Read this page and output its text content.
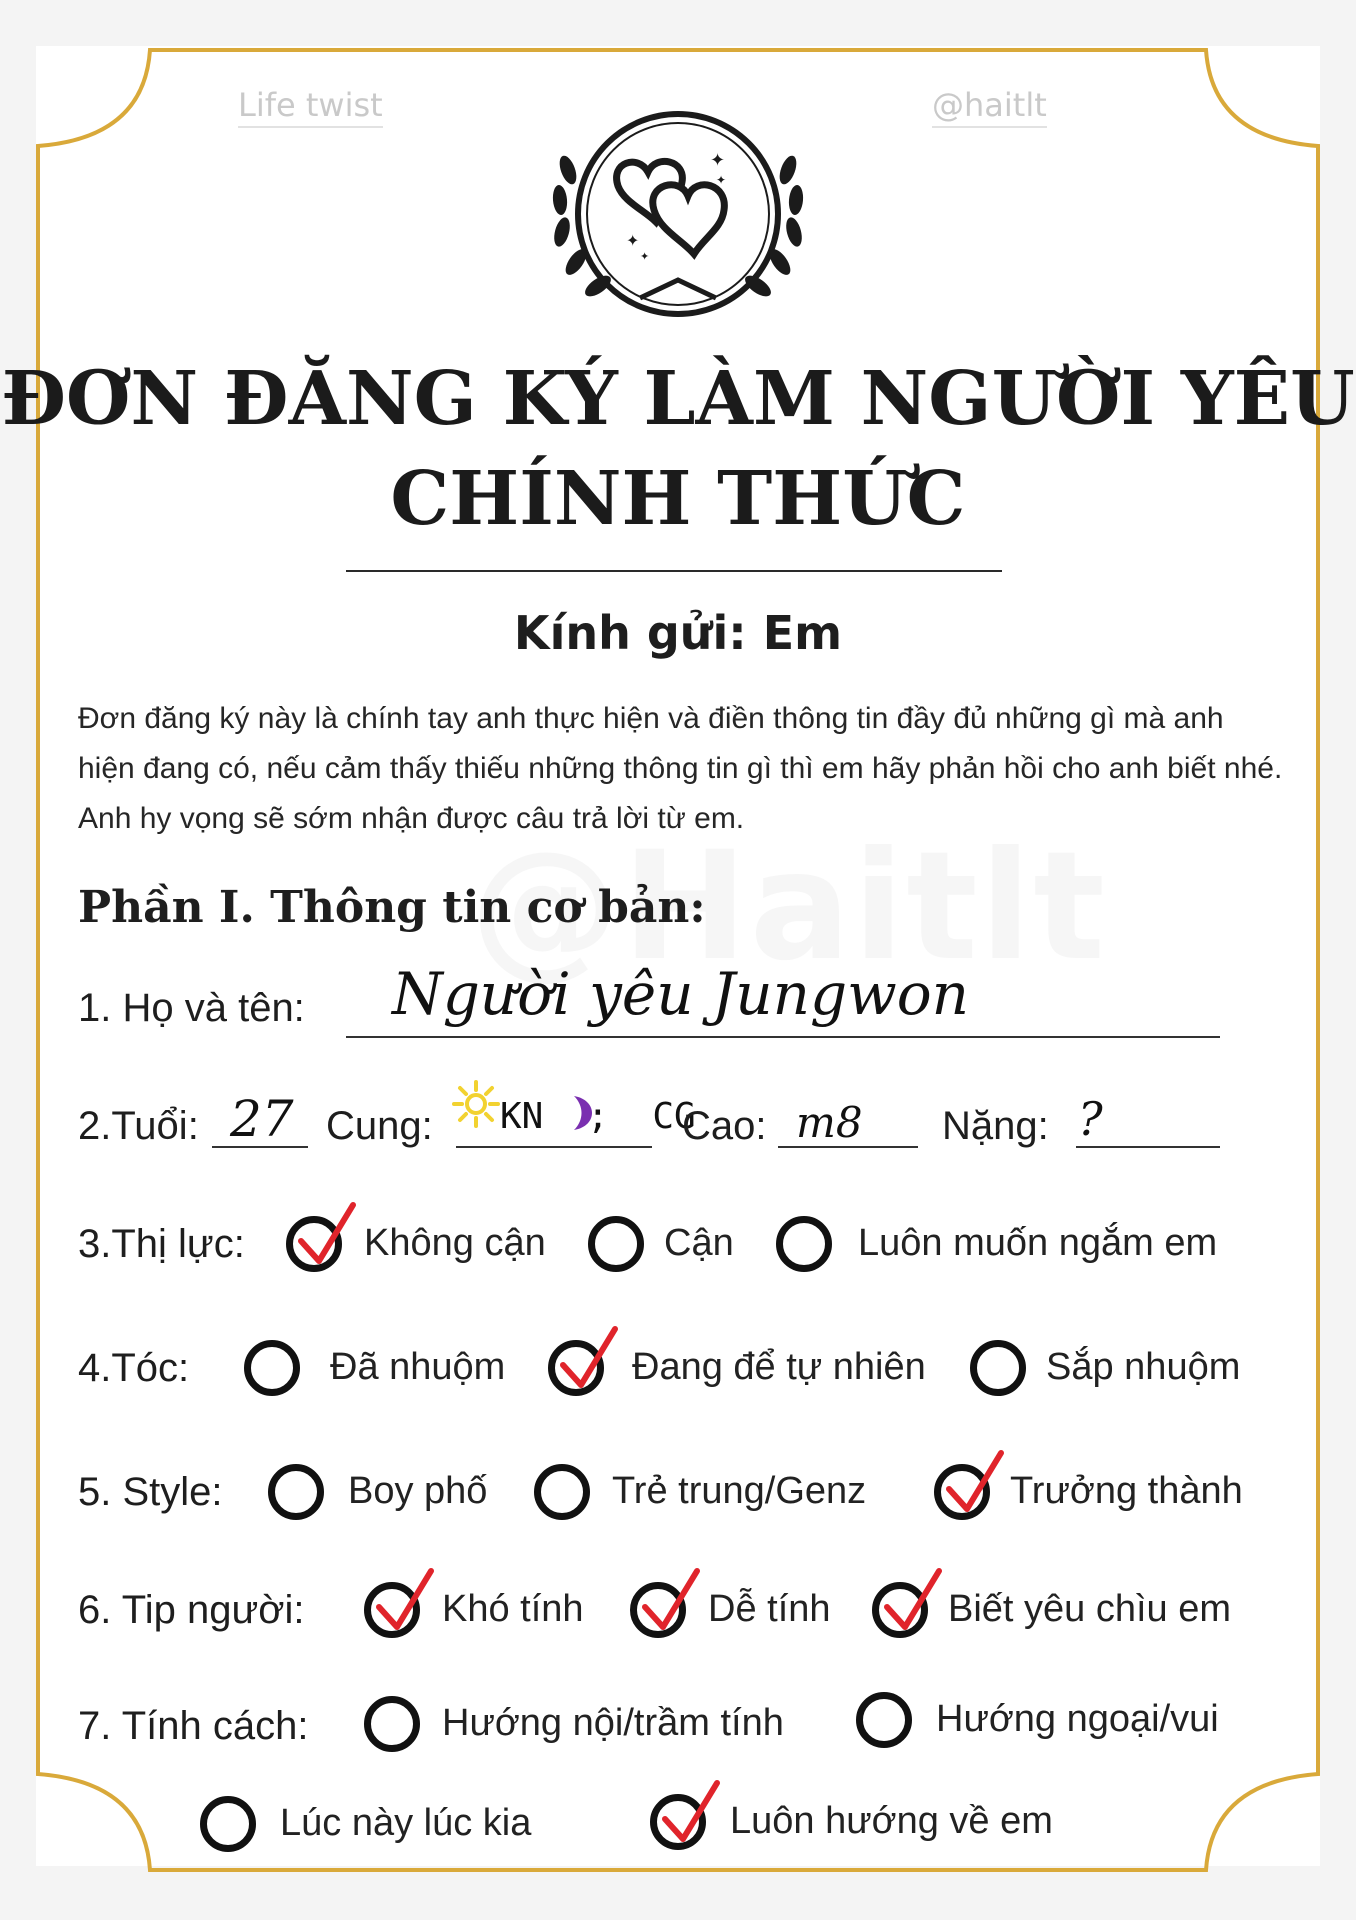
Life twist	@haitlt
✦
✦
✦
✦
ĐƠN ĐĂNG KÝ LÀM NGƯỜI YÊU
CHÍNH THỨC
Kính gửi: Em
Đơn đăng ký này là chính tay anh thực hiện và điền thông tin đầy đủ những gì mà anh hiện đang có, nếu cảm thấy thiếu những thông tin gì thì em hãy phản hồi cho anh biết nhé. Anh hy vọng sẽ sớm nhận được câu trả lời từ em.
Phần I. Thông tin cơ bản:
1. Họ và tên: Người yêu Jungwon
2.Tuổi: 27 Cung: KN ; CG
Cao: m8 Nặng: ?
3.Thị lực:	Không cận	Cận	Luôn muốn ngắm em
4.Tóc:	Đã nhuộm	Đang để tự nhiên	Sắp nhuộm
5. Style:	Boy phố	Trẻ trung/Genz	Trưởng thành
6. Tip người:	Khó tính	Dễ tính	Biết yêu chìu em
7. Tính cách:	Hướng nội/trầm tính	Hướng ngoại/vui
Lúc này lúc kia	Luôn hướng về em
